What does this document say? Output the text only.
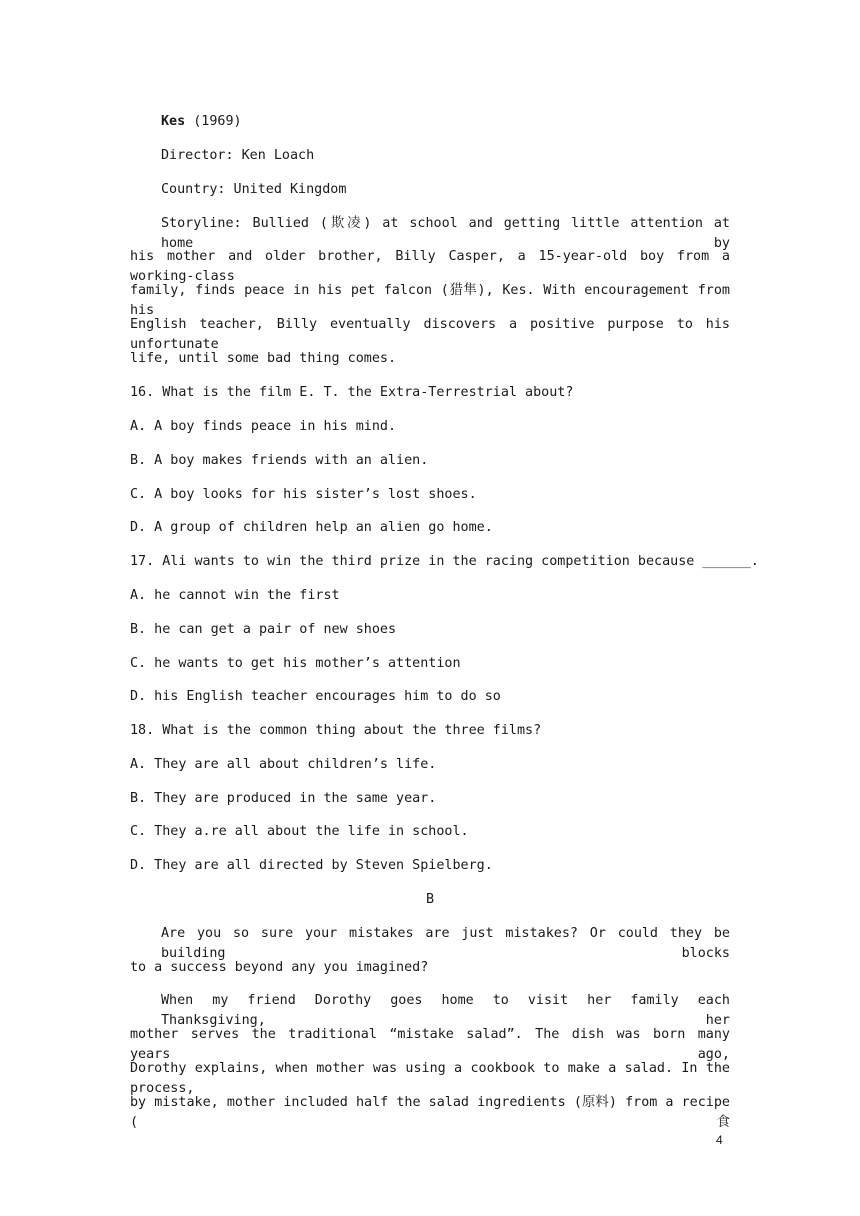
Kes (1969)
Director: Ken Loach
Country: United Kingdom
Storyline: Bullied (欺凌) at school and getting little attention at home by
his mother and older brother, Billy Casper, a 15-year-old boy from a working-class
family, finds peace in his pet falcon (猎隼), Kes. With encouragement from his
English teacher, Billy eventually discovers a positive purpose to his unfortunate
life, until some bad thing comes.
16. What is the film E. T. the Extra-Terrestrial about?
A. A boy finds peace in his mind.
B. A boy makes friends with an alien.
C. A boy looks for his sister’s lost shoes.
D. A group of children help an alien go home.
17. Ali wants to win the third prize in the racing competition because ______.
A. he cannot win the first
B. he can get a pair of new shoes
C. he wants to get his mother’s attention
D. his English teacher encourages him to do so
18. What is the common thing about the three films?
A. They are all about children’s life.
B. They are produced in the same year.
C. They a.re all about the life in school.
D. They are all directed by Steven Spielberg.
B
Are you so sure your mistakes are just mistakes? Or could they be building blocks
to a success beyond any you imagined?
When my friend Dorothy goes home to visit her family each Thanksgiving, her
mother serves the traditional “mistake salad”. The dish was born many years ago,
Dorothy explains, when mother was using a cookbook to make a salad. In the process,
by mistake, mother included half the salad ingredients (原料) from a recipe (食
4
